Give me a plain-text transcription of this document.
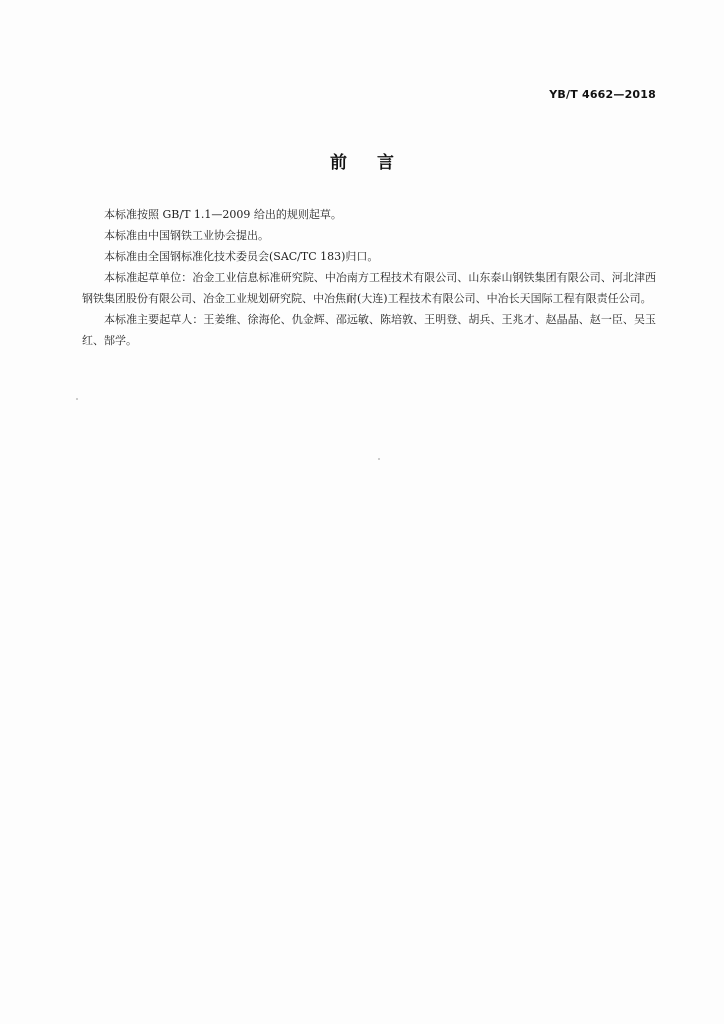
YB/T 4662—2018
前言

本标准按照 GB/T 1.1—2009 给出的规则起草。

本标准由中国钢铁工业协会提出。

本标准由全国钢标准化技术委员会(SAC/TC 183)归口。

本标准起草单位：冶金工业信息标准研究院、中冶南方工程技术有限公司、山东泰山钢铁集团有限公司、河北津西钢铁集团股份有限公司、冶金工业规划研究院、中冶焦耐(大连)工程技术有限公司、中冶长天国际工程有限责任公司。

本标准主要起草人：王姜维、徐海伦、仇金辉、邵远敏、陈培敦、王明登、胡兵、王兆才、赵晶晶、赵一臣、吴玉红、郜学。
